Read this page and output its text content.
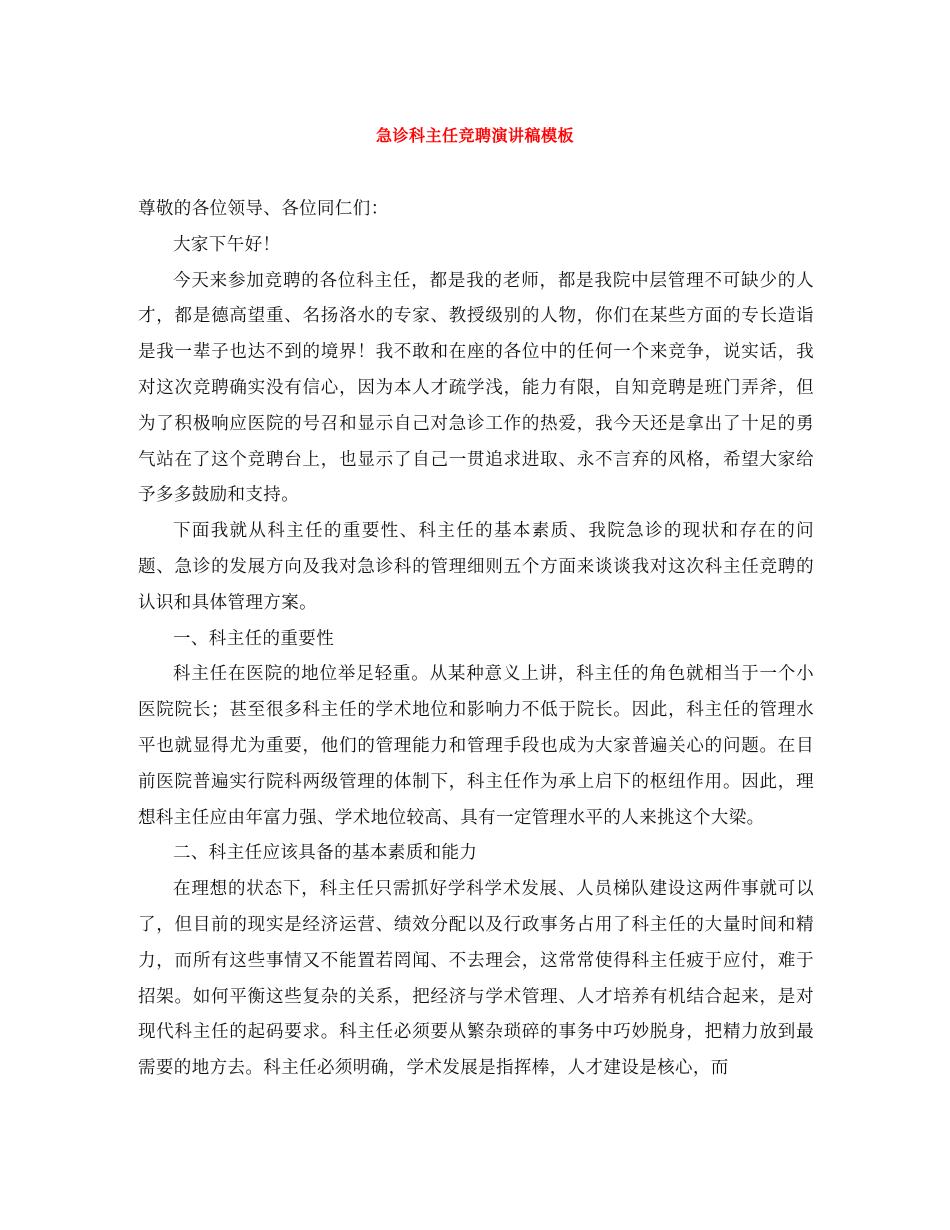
急诊科主任竞聘演讲稿模板

尊敬的各位领导、各位同仁们：

大家下午好！

今天来参加竞聘的各位科主任，都是我的老师，都是我院中层管理不可缺少的人才，都是德高望重、名扬洛水的专家、教授级别的人物，你们在某些方面的专长造诣是我一辈子也达不到的境界！我不敢和在座的各位中的任何一个来竞争，说实话，我对这次竞聘确实没有信心，因为本人才疏学浅，能力有限，自知竞聘是班门弄斧，但为了积极响应医院的号召和显示自己对急诊工作的热爱，我今天还是拿出了十足的勇气站在了这个竞聘台上，也显示了自己一贯追求进取、永不言弃的风格，希望大家给予多多鼓励和支持。

下面我就从科主任的重要性、科主任的基本素质、我院急诊的现状和存在的问题、急诊的发展方向及我对急诊科的管理细则五个方面来谈谈我对这次科主任竞聘的认识和具体管理方案。

一、科主任的重要性

科主任在医院的地位举足轻重。从某种意义上讲，科主任的角色就相当于一个小医院院长；甚至很多科主任的学术地位和影响力不低于院长。因此，科主任的管理水平也就显得尤为重要，他们的管理能力和管理手段也成为大家普遍关心的问题。在目前医院普遍实行院科两级管理的体制下，科主任作为承上启下的枢纽作用。因此，理想科主任应由年富力强、学术地位较高、具有一定管理水平的人来挑这个大梁。

二、科主任应该具备的基本素质和能力

在理想的状态下，科主任只需抓好学科学术发展、人员梯队建设这两件事就可以了，但目前的现实是经济运营、绩效分配以及行政事务占用了科主任的大量时间和精力，而所有这些事情又不能置若罔闻、不去理会，这常常使得科主任疲于应付，难于招架。如何平衡这些复杂的关系，把经济与学术管理、人才培养有机结合起来，是对现代科主任的起码要求。科主任必须要从繁杂琐碎的事务中巧妙脱身，把精力放到最需要的地方去。科主任必须明确，学术发展是指挥棒，人才建设是核心，而
